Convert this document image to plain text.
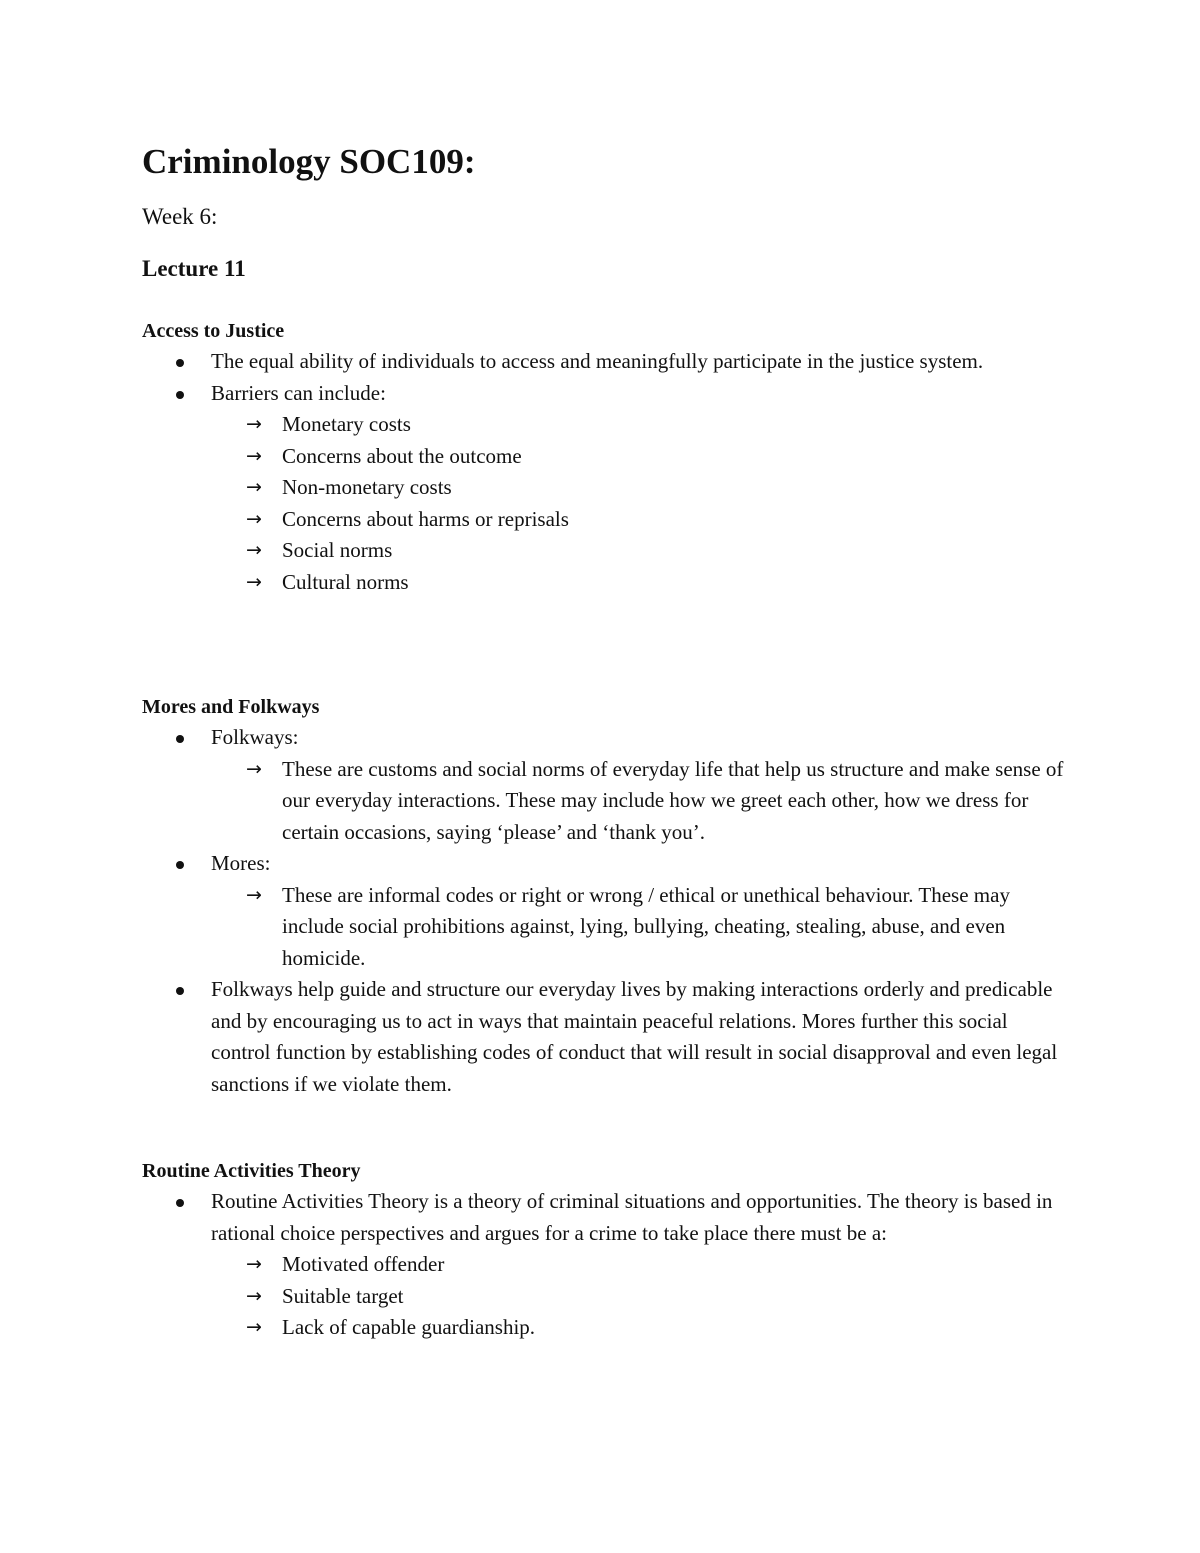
Criminology SOC109:
Week 6:
Lecture 11
Access to Justice
The equal ability of individuals to access and meaningfully participate in the justice system.
Barriers can include:
→ Monetary costs
→ Concerns about the outcome
→ Non-monetary costs
→ Concerns about harms or reprisals
→ Social norms
→ Cultural norms
Mores and Folkways
Folkways:
→ These are customs and social norms of everyday life that help us structure and make sense of our everyday interactions. These may include how we greet each other, how we dress for certain occasions, saying ‘please’ and ‘thank you’.
Mores:
→ These are informal codes or right or wrong / ethical or unethical behaviour. These may include social prohibitions against, lying, bullying, cheating, stealing, abuse, and even homicide.
Folkways help guide and structure our everyday lives by making interactions orderly and predicable and by encouraging us to act in ways that maintain peaceful relations. Mores further this social control function by establishing codes of conduct that will result in social disapproval and even legal sanctions if we violate them.
Routine Activities Theory
Routine Activities Theory is a theory of criminal situations and opportunities. The theory is based in rational choice perspectives and argues for a crime to take place there must be a:
→ Motivated offender
→ Suitable target
→ Lack of capable guardianship.
